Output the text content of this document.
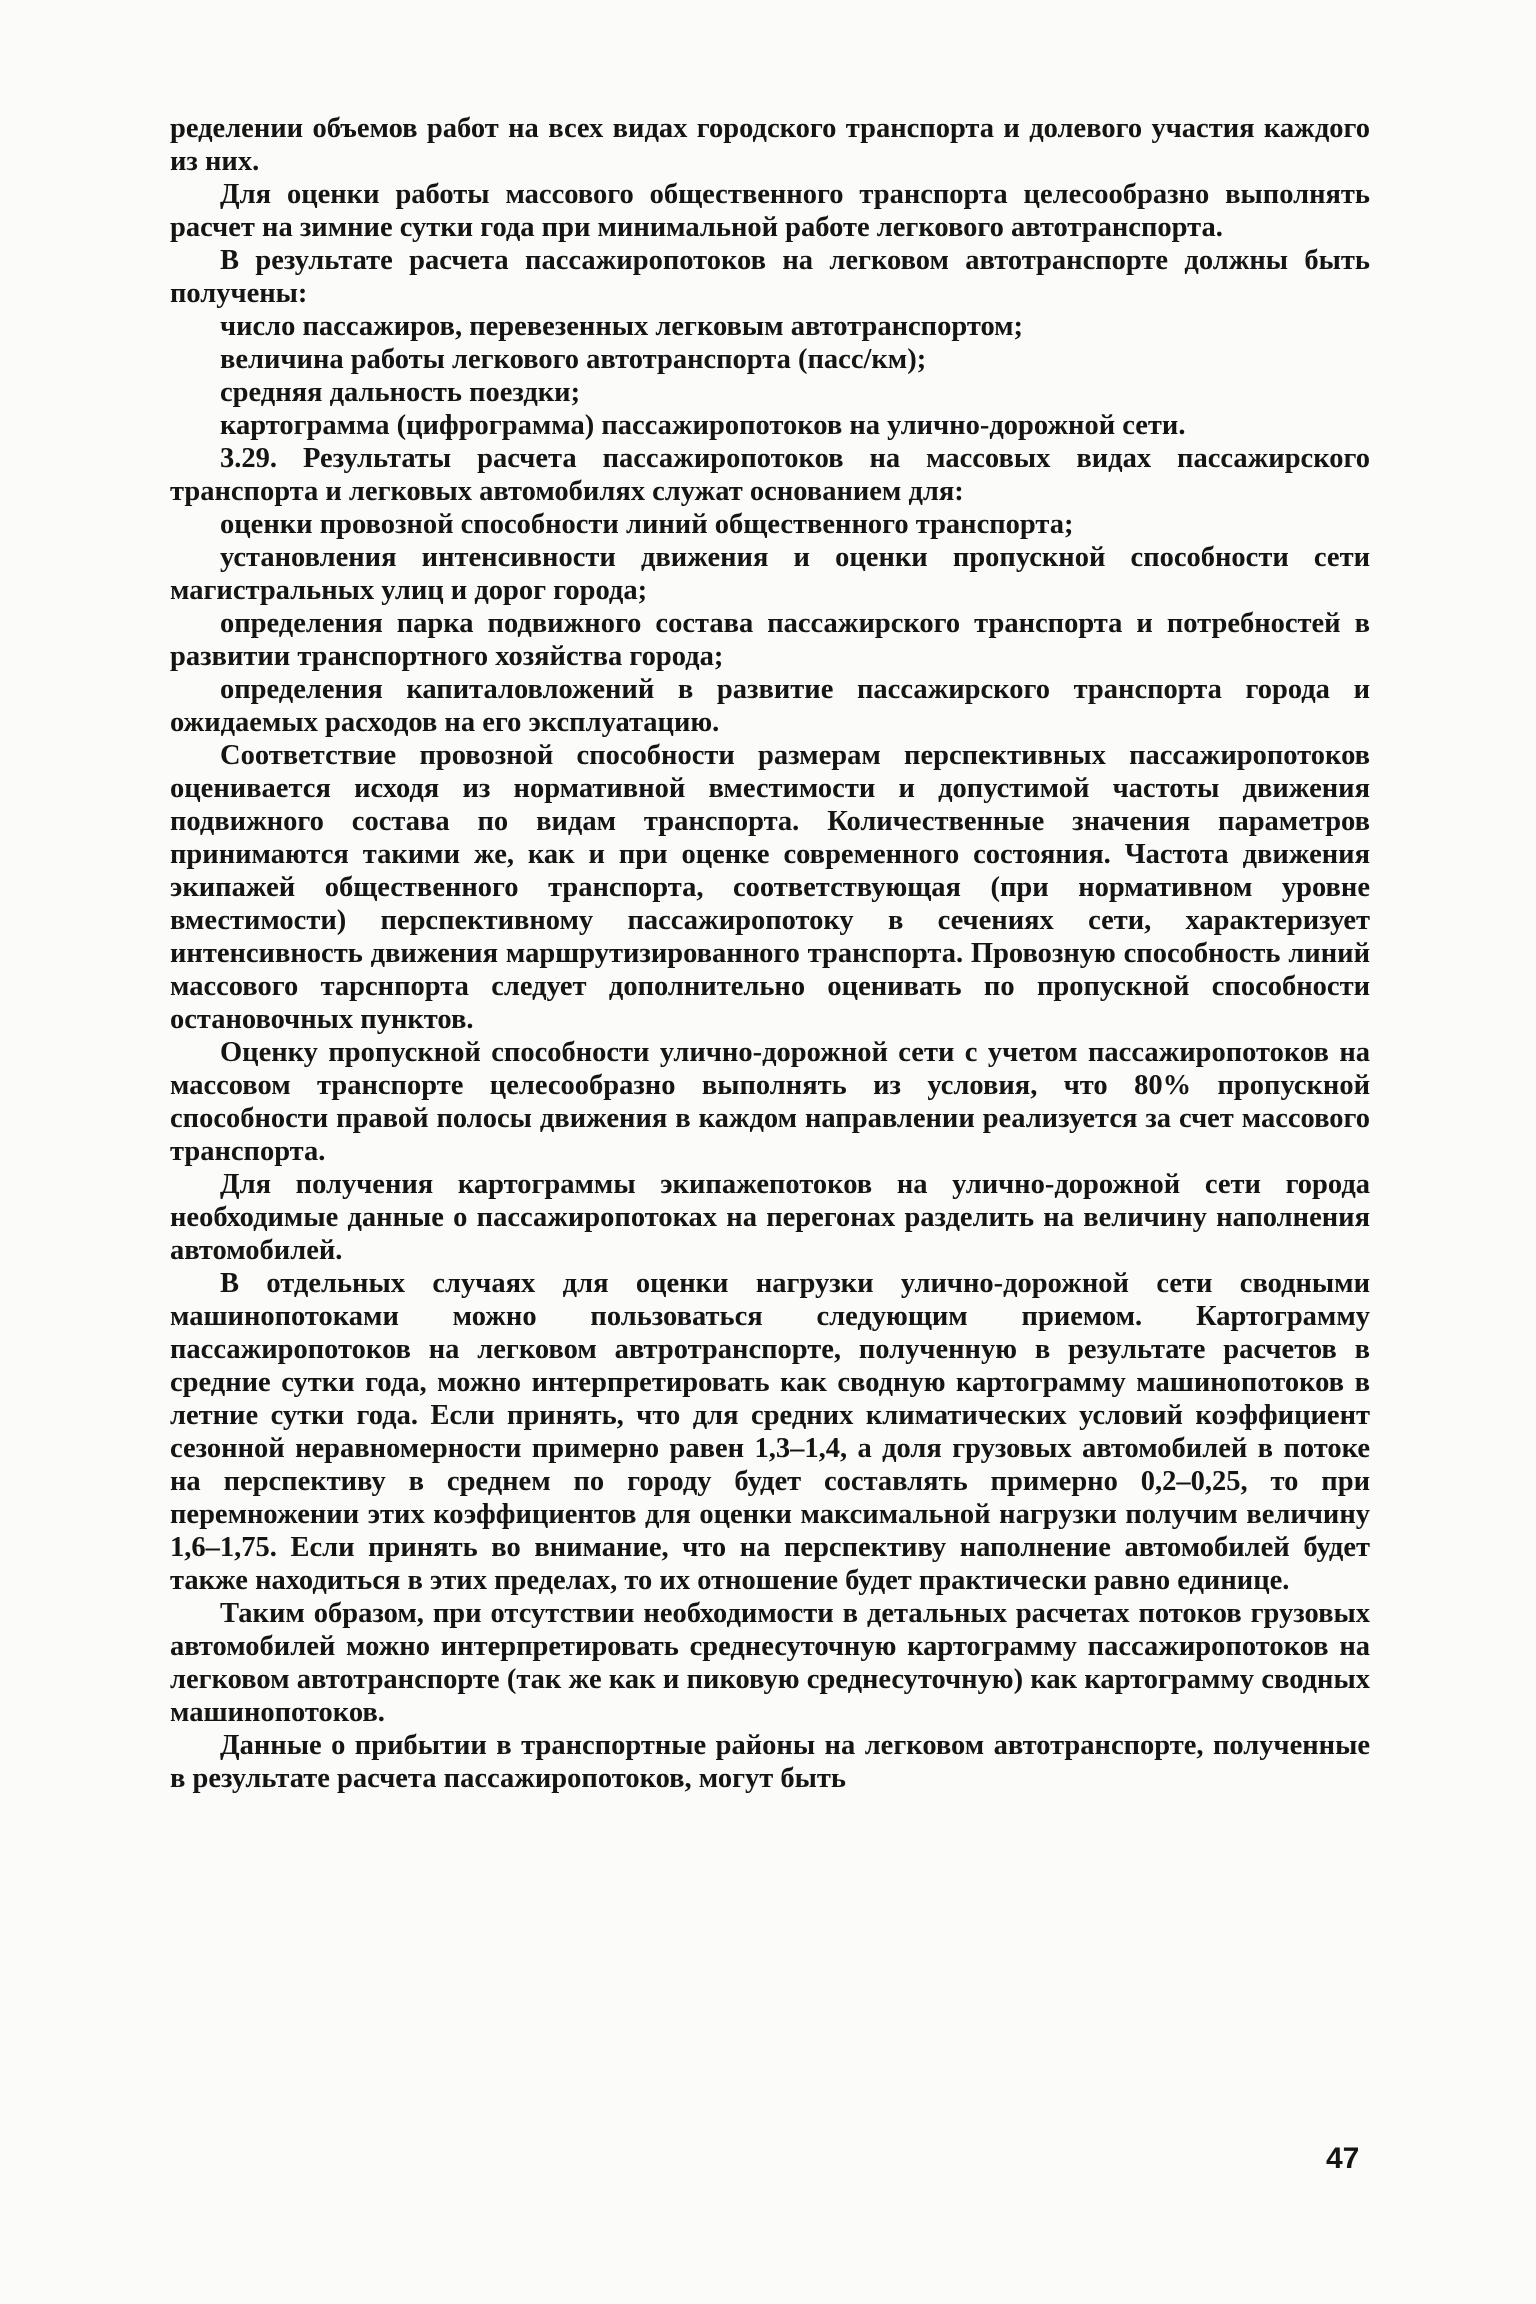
ределении объемов работ на всех видах городского транспорта и долевого участия каждого из них.

Для оценки работы массового общественного транспорта целесообразно выполнять расчет на зимние сутки года при минимальной работе легкового автотранспорта.

В результате расчета пассажиропотоков на легковом автотранспорте должны быть получены:

число пассажиров, перевезенных легковым автотранспортом;

величина работы легкового автотранспорта (пасс/км);

средняя дальность поездки;

картограмма (цифрограмма) пассажиропотоков на улично-дорожной сети.

3.29. Результаты расчета пассажиропотоков на массовых видах пассажирского транспорта и легковых автомобилях служат основанием для:

оценки провозной способности линий общественного транспорта;

установления интенсивности движения и оценки пропускной способности сети магистральных улиц и дорог города;

определения парка подвижного состава пассажирского транспорта и потребностей в развитии транспортного хозяйства города;

определения капиталовложений в развитие пассажирского транспорта города и ожидаемых расходов на его эксплуатацию.

Соответствие провозной способности размерам перспективных пассажиропотоков оценивается исходя из нормативной вместимости и допустимой частоты движения подвижного состава по видам транспорта. Количественные значения параметров принимаются такими же, как и при оценке современного состояния. Частота движения экипажей общественного транспорта, соответствующая (при нормативном уровне вместимости) перспективному пассажиропотоку в сечениях сети, характеризует интенсивность движения маршрутизированного транспорта. Провозную способность линий массового тарснпорта следует дополнительно оценивать по пропускной способности остановочных пунктов.

Оценку пропускной способности улично-дорожной сети с учетом пассажиропотоков на массовом транспорте целесообразно выполнять из условия, что 80% пропускной способности правой полосы движения в каждом направлении реализуется за счет массового транспорта.

Для получения картограммы экипажепотоков на улично-дорожной сети города необходимые данные о пассажиропотоках на перегонах разделить на величину наполнения автомобилей.

В отдельных случаях для оценки нагрузки улично-дорожной сети сводными машинопотоками можно пользоваться следующим приемом. Картограмму пассажиропотоков на легковом автротранспорте, полученную в результате расчетов в средние сутки года, можно интерпретировать как сводную картограмму машинопотоков в летние сутки года. Если принять, что для средних климатических условий коэффициент сезонной неравномерности примерно равен 1,3–1,4, а доля грузовых автомобилей в потоке на перспективу в среднем по городу будет составлять примерно 0,2–0,25, то при перемножении этих коэффициентов для оценки максимальной нагрузки получим величину 1,6–1,75. Если принять во внимание, что на перспективу наполнение автомобилей будет также находиться в этих пределах, то их отношение будет практически равно единице.

Таким образом, при отсутствии необходимости в детальных расчетах потоков грузовых автомобилей можно интерпретировать среднесуточную картограмму пассажиропотоков на легковом автотранспорте (так же как и пиковую среднесуточную) как картограмму сводных машинопотоков.

Данные о прибытии в транспортные районы на легковом автотранспорте, полученные в результате расчета пассажиропотоков, могут быть

47
